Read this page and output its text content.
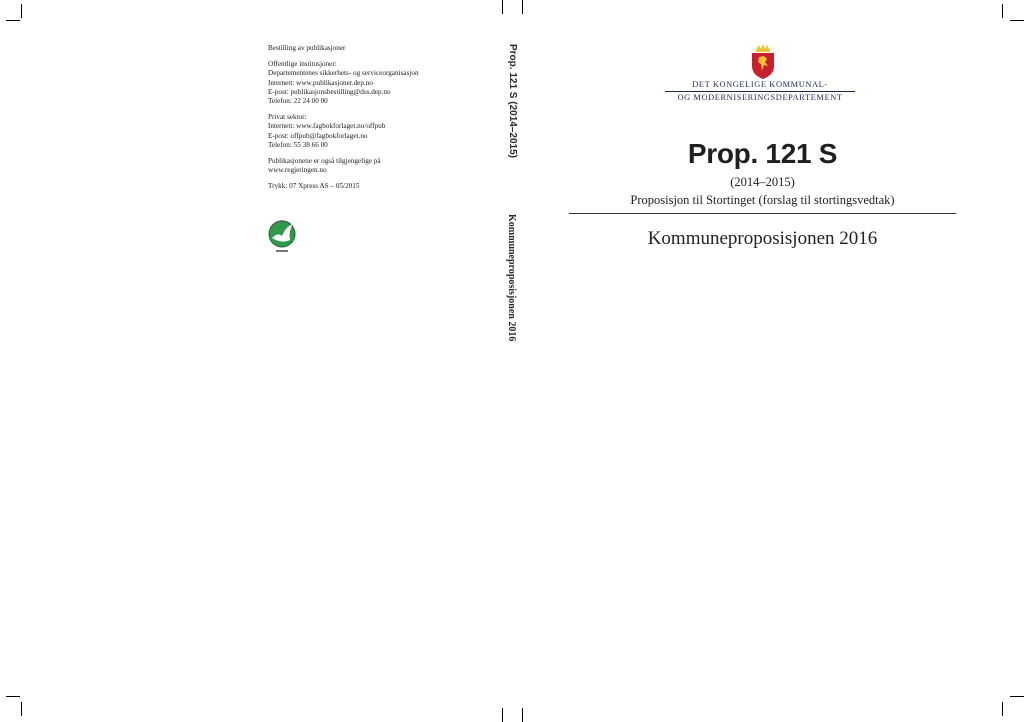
Bestilling av publikasjoner
Offentlige institusjoner:
Departementenes sikkerhets- og serviceorganisasjon
Internett: www.publikasjoner.dep.no
E-post: publikasjonsbestilling@dss.dep.no
Telefon: 22 24 00 00
Privat sektor:
Internett: www.fagbokforlaget.no/offpub
E-post: offpub@fagbokforlaget.no
Telefon: 55 38 66 00
Publikasjonene er også tilgjengelige på
www.regjeringen.no
Trykk: 07 Xpress AS – 05/2015
Prop. 121 S (2014–2015)
Kommuneproposisjonen 2016
DET KONGELIGE KOMMUNAL-
OG MODERNISERINGSDEPARTEMENT
Prop. 121 S
(2014–2015)
Proposisjon til Stortinget (forslag til stortingsvedtak)
Kommuneproposisjonen 2016
